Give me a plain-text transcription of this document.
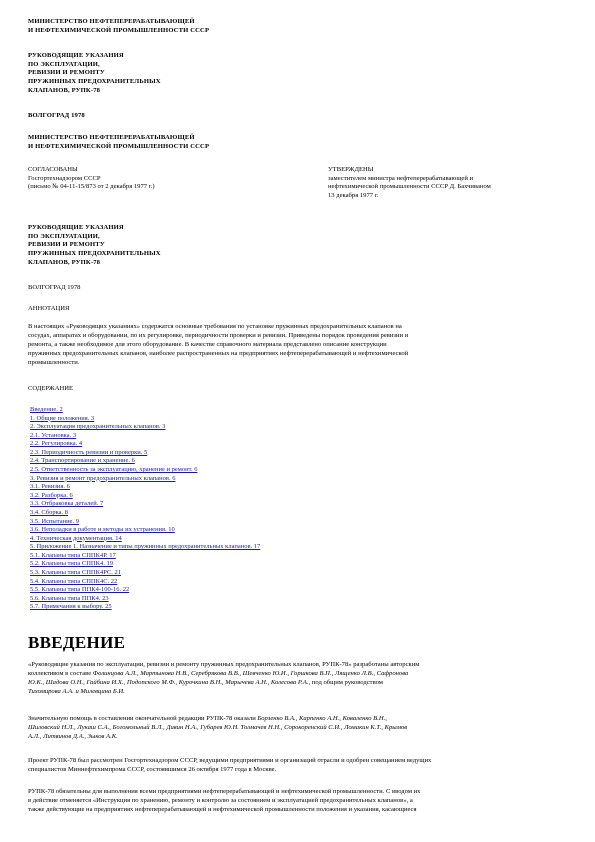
МИНИСТЕРСТВО НЕФТЕПЕРЕРАБАТЫВАЮЩЕЙ
И НЕФТЕХИМИЧЕСКОЙ ПРОМЫШЛЕННОСТИ СССР
РУКОВОДЯЩИЕ УКАЗАНИЯ
ПО ЭКСПЛУАТАЦИИ,
РЕВИЗИИ И РЕМОНТУ
ПРУЖИННЫХ ПРЕДОХРАНИТЕЛЬНЫХ
КЛАПАНОВ, РУПК-78
ВОЛГОГРАД 1978
МИНИСТЕРСТВО НЕФТЕПЕРЕРАБАТЫВАЮЩЕЙ
И НЕФТЕХИМИЧЕСКОЙ ПРОМЫШЛЕННОСТИ СССР
СОГЛАСОВАНЫ
Госгортехнадзором СССР
(письмо № 04-11-15/873 от 2 декабря 1977 г.)
УТВЕРЖДЕНЫ
заместителем министра нефтеперерабатывающей и
нефтехимической промышленности СССР Д. Бахчиваном
13 декабря 1977 г.
РУКОВОДЯЩИЕ УКАЗАНИЯ
ПО ЭКСПЛУАТАЦИИ,
РЕВИЗИИ И РЕМОНТУ
ПРУЖИННЫХ ПРЕДОХРАНИТЕЛЬНЫХ
КЛАПАНОВ, РУПК-78
ВОЛГОГРАД 1978
АННОТАЦИЯ
В настоящих «Руководящих указаниях» содержатся основные требования по установке пружинных предохранительных клапанов на
сосудах, аппаратах и оборудовании, по их регулировке, периодичности проверки и ревизии. Приведены порядок проведения ревизии и
ремонта, а также необходимое для этого оборудование. В качестве справочного материала представлено описание конструкции
пружинных предохранительных клапанов, наиболее распространенных на предприятиях нефтеперерабатывающей и нефтехимической
промышленности.
СОДЕРЖАНИЕ
Введение. 2
1. Общие положения. 3
2. Эксплуатация предохранительных клапанов. 3
2.1. Установка. 3
2.2. Регулировка. 4
2.3. Периодичность ревизии и проверки. 5
2.4. Транспортирование и хранение. 6
2.5. Ответственность за эксплуатацию, хранение и ремонт. 6
3. Ревизия и ремонт предохранительных клапанов. 6
3.1. Ревизия. 6
3.2. Разборка. 6
3.3. Отбраковка деталей. 7
3.4. Сборка. 8
3.5. Испытание. 9
3.6. Неполадки в работе и методы их устранения. 10
4. Техническая документация. 14
5. Приложение 1. Назначение и типы пружинных предохранительных клапанов. 17
5.1. Клапаны типа СППК4Р. 17
5.2. Клапаны типа СППК4. 19
5.3. Клапаны типа СППК4РС. 21
5.4. Клапаны типа СППК4С. 22
5.5. Клапаны типа ППК4-100-16. 22
5.6. Клапаны типа ППК4. 23
5.7. Примечания к выбору. 25
ВВЕДЕНИЕ
«Руководящие указания по эксплуатации, ревизии и ремонту пружинных предохранительных клапанов, РУПК-78» разработаны авторским
коллективом в составе Фолинцова А.Л., Мартынова Н.В., Серебрякова В.В., Шевченко Ю.И., Горшкова В.П., Лященко Л.В., Сафронова
Ю.К., Шадова О.Н., Гайбина И.Х., Подопского М.Ф., Курочкина В.Н., Марычева А.Н., Колесова Р.А., под общим руководством
Тихомирова А.А. и Милевцина Б.И.
Значительную помощь в составлении окончательной редакции РУПК-78 оказали Борзенко В.А., Карпенко А.Н., Коваленко В.Н.,
Шиловский Н.Л., Лукаш С.А., Богомольный В.Л., Дивин Н.А., Губарев Ю.Н. Толмачев Н.Н., Сорокоренский С.И., Ломакин К.Т., Крымов
А.Л., Литвинов Д.А., Зыков А.К.
Проект РУПК-78 был рассмотрен Госгортехнадзором СССР, ведущими предприятиями и организаций отрасли и одобрен совещанием ведущих
специалистов Миннефтехимпрома СССР, состоявшимся 26 октября 1977 года в Москве.
РУПК-78 обязательны для выполнения всеми предприятиями нефтеперерабатывающей и нефтехимической промышленности. С вводом их
в действие отменяется «Инструкция по хранению, ремонту и контролю за состоянием и эксплуатацией предохранительных клапанов», а
также действующие на предприятиях нефтеперерабатывающей и нефтехимической промышленности положения и указания, касающиеся
